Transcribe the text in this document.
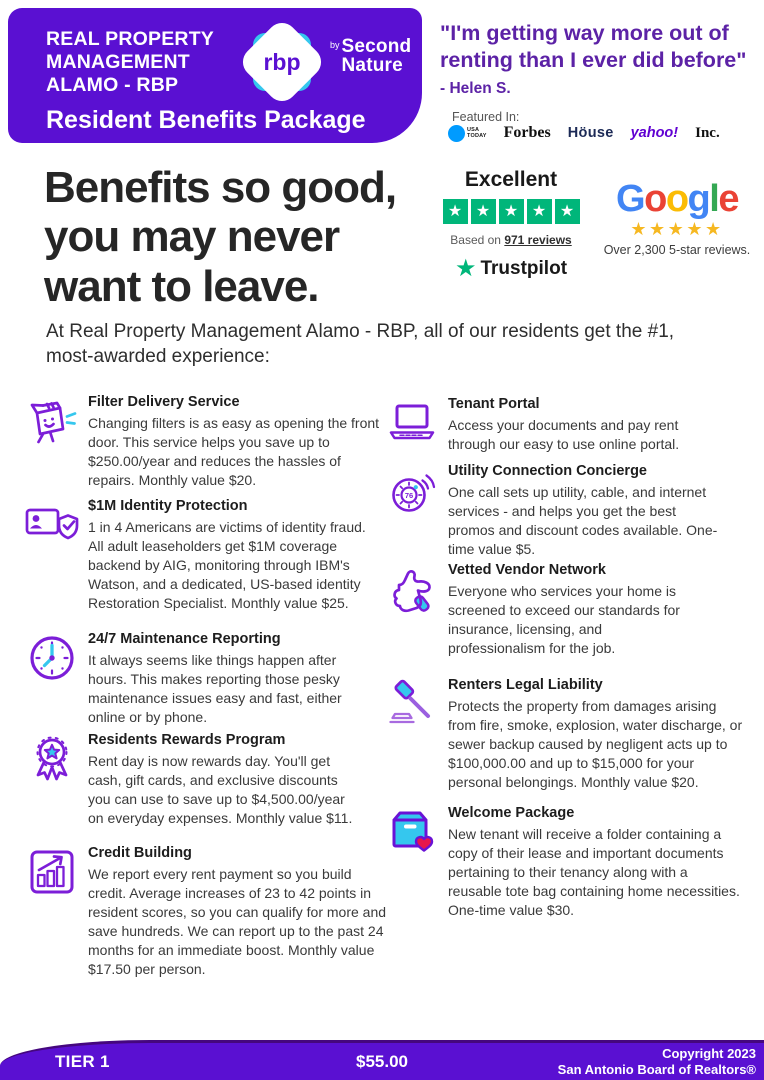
REAL PROPERTY
MANAGEMENT
ALAMO - RBP
rbp
by Second
Nature
Resident Benefits Package
"I'm getting way more out of renting than I ever did before"
- Helen S.
Featured In:
USA
TODAY Forbes Höuse yahoo! Inc.
Excellent
★
★
★
★
★
Based on 971 reviews
★
Trustpilot
Google
★★★★★
Over 2,300 5-star reviews.
Benefits so good,
you may never
want to leave.
At Real Property Management Alamo - RBP, all of our residents get the #1, most-awarded experience:
Filter Delivery Service
Changing filters is as easy as opening the front door. This service helps you save up to $250.00/year and reduces the hassles of repairs. Monthly value $20.
$1M Identity Protection
1 in 4 Americans are victims of identity fraud. All adult leaseholders get $1M coverage backend by AIG, monitoring through IBM's Watson, and a dedicated, US-based identity Restoration Specialist. Monthly value $25.
24/7 Maintenance Reporting
It always seems like things happen after hours. This makes reporting those pesky maintenance issues easy and fast, either online or by phone.
Residents Rewards Program
Rent day is now rewards day. You'll get cash, gift cards, and exclusive discounts you can use to save up to $4,500.00/year on everyday expenses. Monthly value $11.
Credit Building
We report every rent payment so you build credit. Average increases of 23 to 42 points in resident scores, so you can qualify for more and save hundreds. We can report up to the past 24 months for an immediate boost. Monthly value $17.50 per person.
Tenant Portal
Access your documents and pay rent through our easy to use online portal.
76
Utility Connection Concierge
One call sets up utility, cable, and internet services - and helps you get the best promos and discount codes available. One-time value $5.
Vetted Vendor Network
Everyone who services your home is screened to exceed our standards for insurance, licensing, and professionalism for the job.
Renters Legal Liability
Protects the property from damages arising from fire, smoke, explosion, water discharge, or sewer backup caused by negligent acts up to $100,000.00 and up to $15,000 for your personal belongings. Monthly value $20.
Welcome Package
New tenant will receive a folder containing a copy of their lease and important documents pertaining to their tenancy along with a reusable tote bag containing home necessities. One-time value $30.
TIER 1	$55.00	Copyright 2023
San Antonio Board of Realtors®
